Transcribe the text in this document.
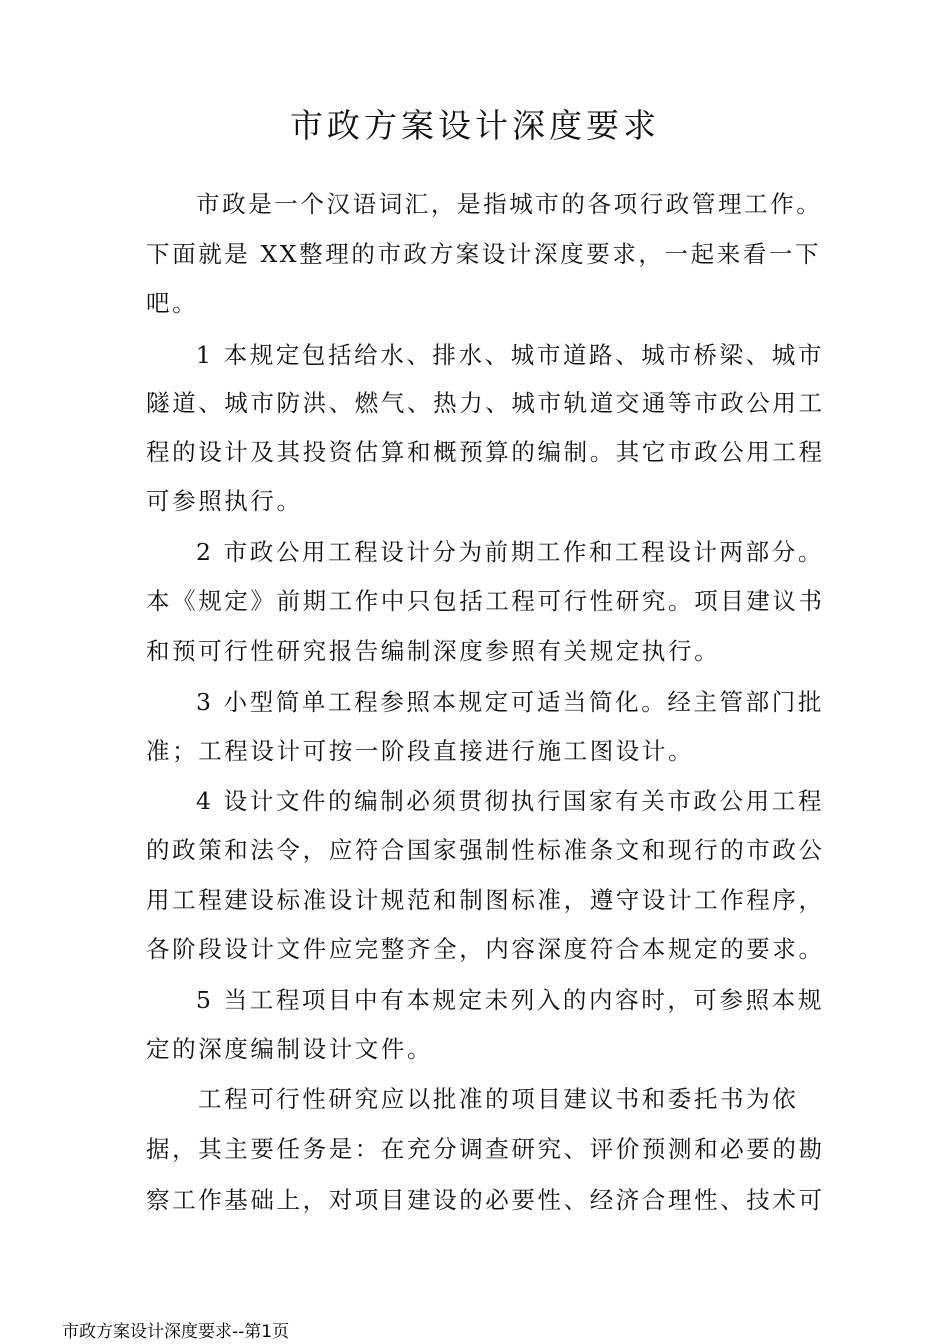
市政方案设计深度要求
市政是一个汉语词汇，是指城市的各项行政管理工作。
下面就是 XX整理的市政方案设计深度要求，一起来看一下
吧。
1 本规定包括给水、排水、城市道路、城市桥梁、城市
隧道、城市防洪、燃气、热力、城市轨道交通等市政公用工
程的设计及其投资估算和概预算的编制。其它市政公用工程
可参照执行。
2 市政公用工程设计分为前期工作和工程设计两部分。
本《规定》前期工作中只包括工程可行性研究。项目建议书
和预可行性研究报告编制深度参照有关规定执行。
3 小型简单工程参照本规定可适当简化。经主管部门批
准；工程设计可按一阶段直接进行施工图设计。
4 设计文件的编制必须贯彻执行国家有关市政公用工程
的政策和法令，应符合国家强制性标准条文和现行的市政公
用工程建设标准设计规范和制图标准，遵守设计工作程序，
各阶段设计文件应完整齐全，内容深度符合本规定的要求。
5 当工程项目中有本规定未列入的内容时，可参照本规
定的深度编制设计文件。
工程可行性研究应以批准的项目建议书和委托书为依
据，其主要任务是：在充分调查研究、评价预测和必要的勘
察工作基础上，对项目建设的必要性、经济合理性、技术可
市政方案设计深度要求--第1页
